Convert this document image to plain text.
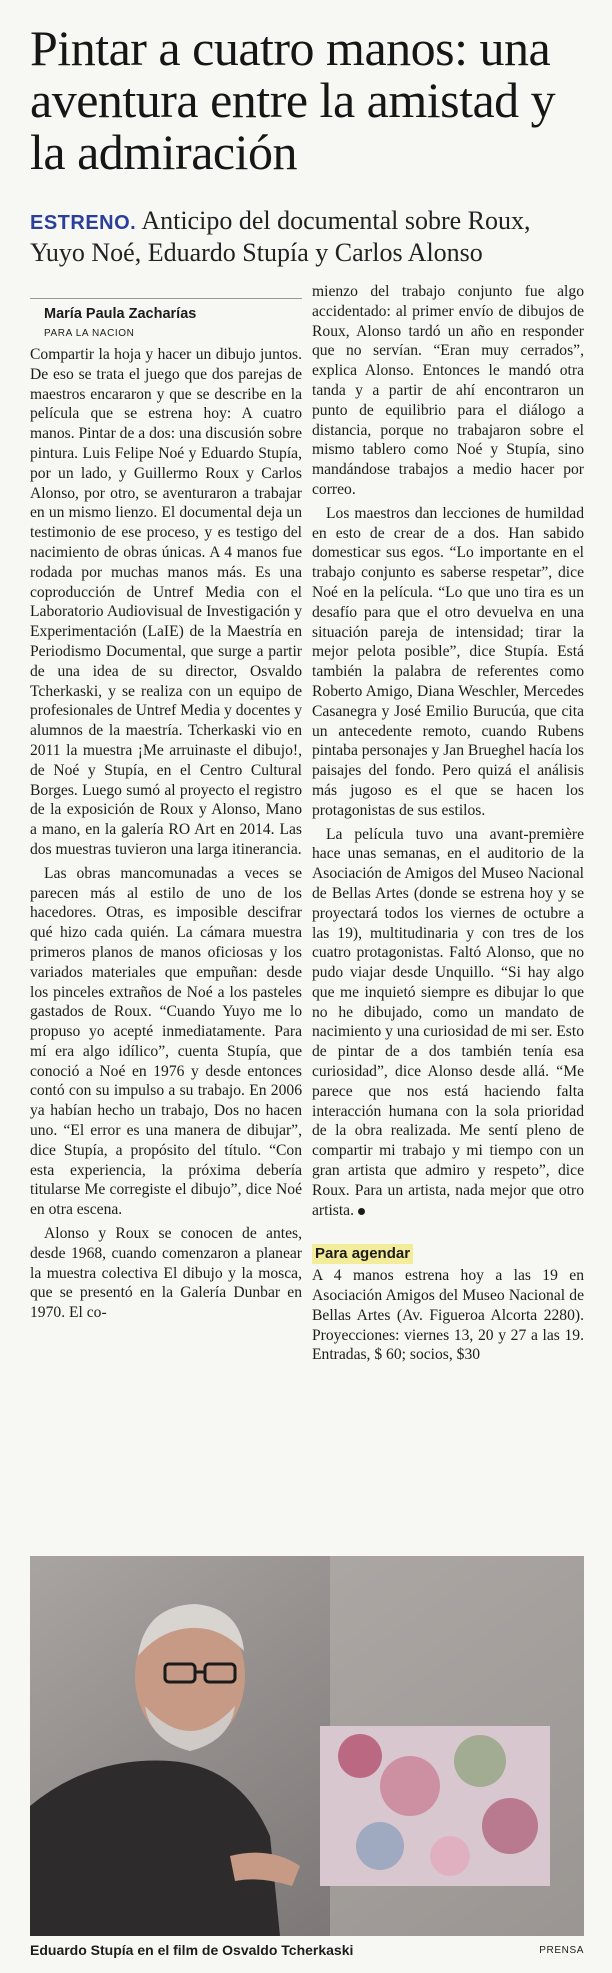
Pintar a cuatro manos: una aventura entre la amistad y la admiración

ESTRENO. Anticipo del documental sobre Roux, Yuyo Noé, Eduardo Stupía y Carlos Alonso

María Paula Zacharías

PARA LA NACION

Compartir la hoja y hacer un dibujo juntos. De eso se trata el juego que dos parejas de maestros encararon y que se describe en la película que se estrena hoy: A cuatro manos. Pintar de a dos: una discusión sobre pintura. Luis Felipe Noé y Eduardo Stupía, por un lado, y Guillermo Roux y Carlos Alonso, por otro, se aventuraron a trabajar en un mismo lienzo. El documental deja un testimonio de ese proceso, y es testigo del nacimiento de obras únicas. A 4 manos fue rodada por muchas manos más. Es una coproducción de Untref Media con el Laboratorio Audiovisual de Investigación y Experimentación (LaIE) de la Maestría en Periodismo Documental, que surge a partir de una idea de su director, Osvaldo Tcherkaski, y se realiza con un equipo de profesionales de Untref Media y docentes y alumnos de la maestría. Tcherkaski vio en 2011 la muestra ¡Me arruinaste el dibujo!, de Noé y Stupía, en el Centro Cultural Borges. Luego sumó al proyecto el registro de la exposición de Roux y Alonso, Mano a mano, en la galería RO Art en 2014. Las dos muestras tuvieron una larga itinerancia.

Las obras mancomunadas a veces se parecen más al estilo de uno de los hacedores. Otras, es imposible descifrar qué hizo cada quién. La cámara muestra primeros planos de manos oficiosas y los variados materiales que empuñan: desde los pinceles extraños de Noé a los pasteles gastados de Roux. “Cuando Yuyo me lo propuso yo acepté inmediatamente. Para mí era algo idílico”, cuenta Stupía, que conoció a Noé en 1976 y desde entonces contó con su impulso a su trabajo. En 2006 ya habían hecho un trabajo, Dos no hacen uno. “El error es una manera de dibujar”, dice Stupía, a propósito del título. “Con esta experiencia, la próxima debería titularse Me corregiste el dibujo”, dice Noé en otra escena.

Alonso y Roux se conocen de antes, desde 1968, cuando comenzaron a planear la muestra colectiva El dibujo y la mosca, que se presentó en la Galería Dunbar en 1970. El co-

mienzo del trabajo conjunto fue algo accidentado: al primer envío de dibujos de Roux, Alonso tardó un año en responder que no servían. “Eran muy cerrados”, explica Alonso. Entonces le mandó otra tanda y a partir de ahí encontraron un punto de equilibrio para el diálogo a distancia, porque no trabajaron sobre el mismo tablero como Noé y Stupía, sino mandándose trabajos a medio hacer por correo.

Los maestros dan lecciones de humildad en esto de crear de a dos. Han sabido domesticar sus egos. “Lo importante en el trabajo conjunto es saberse respetar”, dice Noé en la película. “Lo que uno tira es un desafío para que el otro devuelva en una situación pareja de intensidad; tirar la mejor pelota posible”, dice Stupía. Está también la palabra de referentes como Roberto Amigo, Diana Weschler, Mercedes Casanegra y José Emilio Burucúa, que cita un antecedente remoto, cuando Rubens pintaba personajes y Jan Brueghel hacía los paisajes del fondo. Pero quizá el análisis más jugoso es el que se hacen los protagonistas de sus estilos.

La película tuvo una avant-première hace unas semanas, en el auditorio de la Asociación de Amigos del Museo Nacional de Bellas Artes (donde se estrena hoy y se proyectará todos los viernes de octubre a las 19), multitudinaria y con tres de los cuatro protagonistas. Faltó Alonso, que no pudo viajar desde Unquillo. “Si hay algo que me inquietó siempre es dibujar lo que no he dibujado, como un mandato de nacimiento y una curiosidad de mi ser. Esto de pintar de a dos también tenía esa curiosidad”, dice Alonso desde allá. “Me parece que nos está haciendo falta interacción humana con la sola prioridad de la obra realizada. Me sentí pleno de compartir mi trabajo y mi tiempo con un gran artista que admiro y respeto”, dice Roux. Para un artista, nada mejor que otro artista.

Para agendar

A 4 manos estrena hoy a las 19 en Asociación Amigos del Museo Nacional de Bellas Artes (Av. Figueroa Alcorta 2280). Proyecciones: viernes 13, 20 y 27 a las 19. Entradas, $ 60; socios, $30

Eduardo Stupía en el film de Osvaldo Tcherkaski	PRENSA
